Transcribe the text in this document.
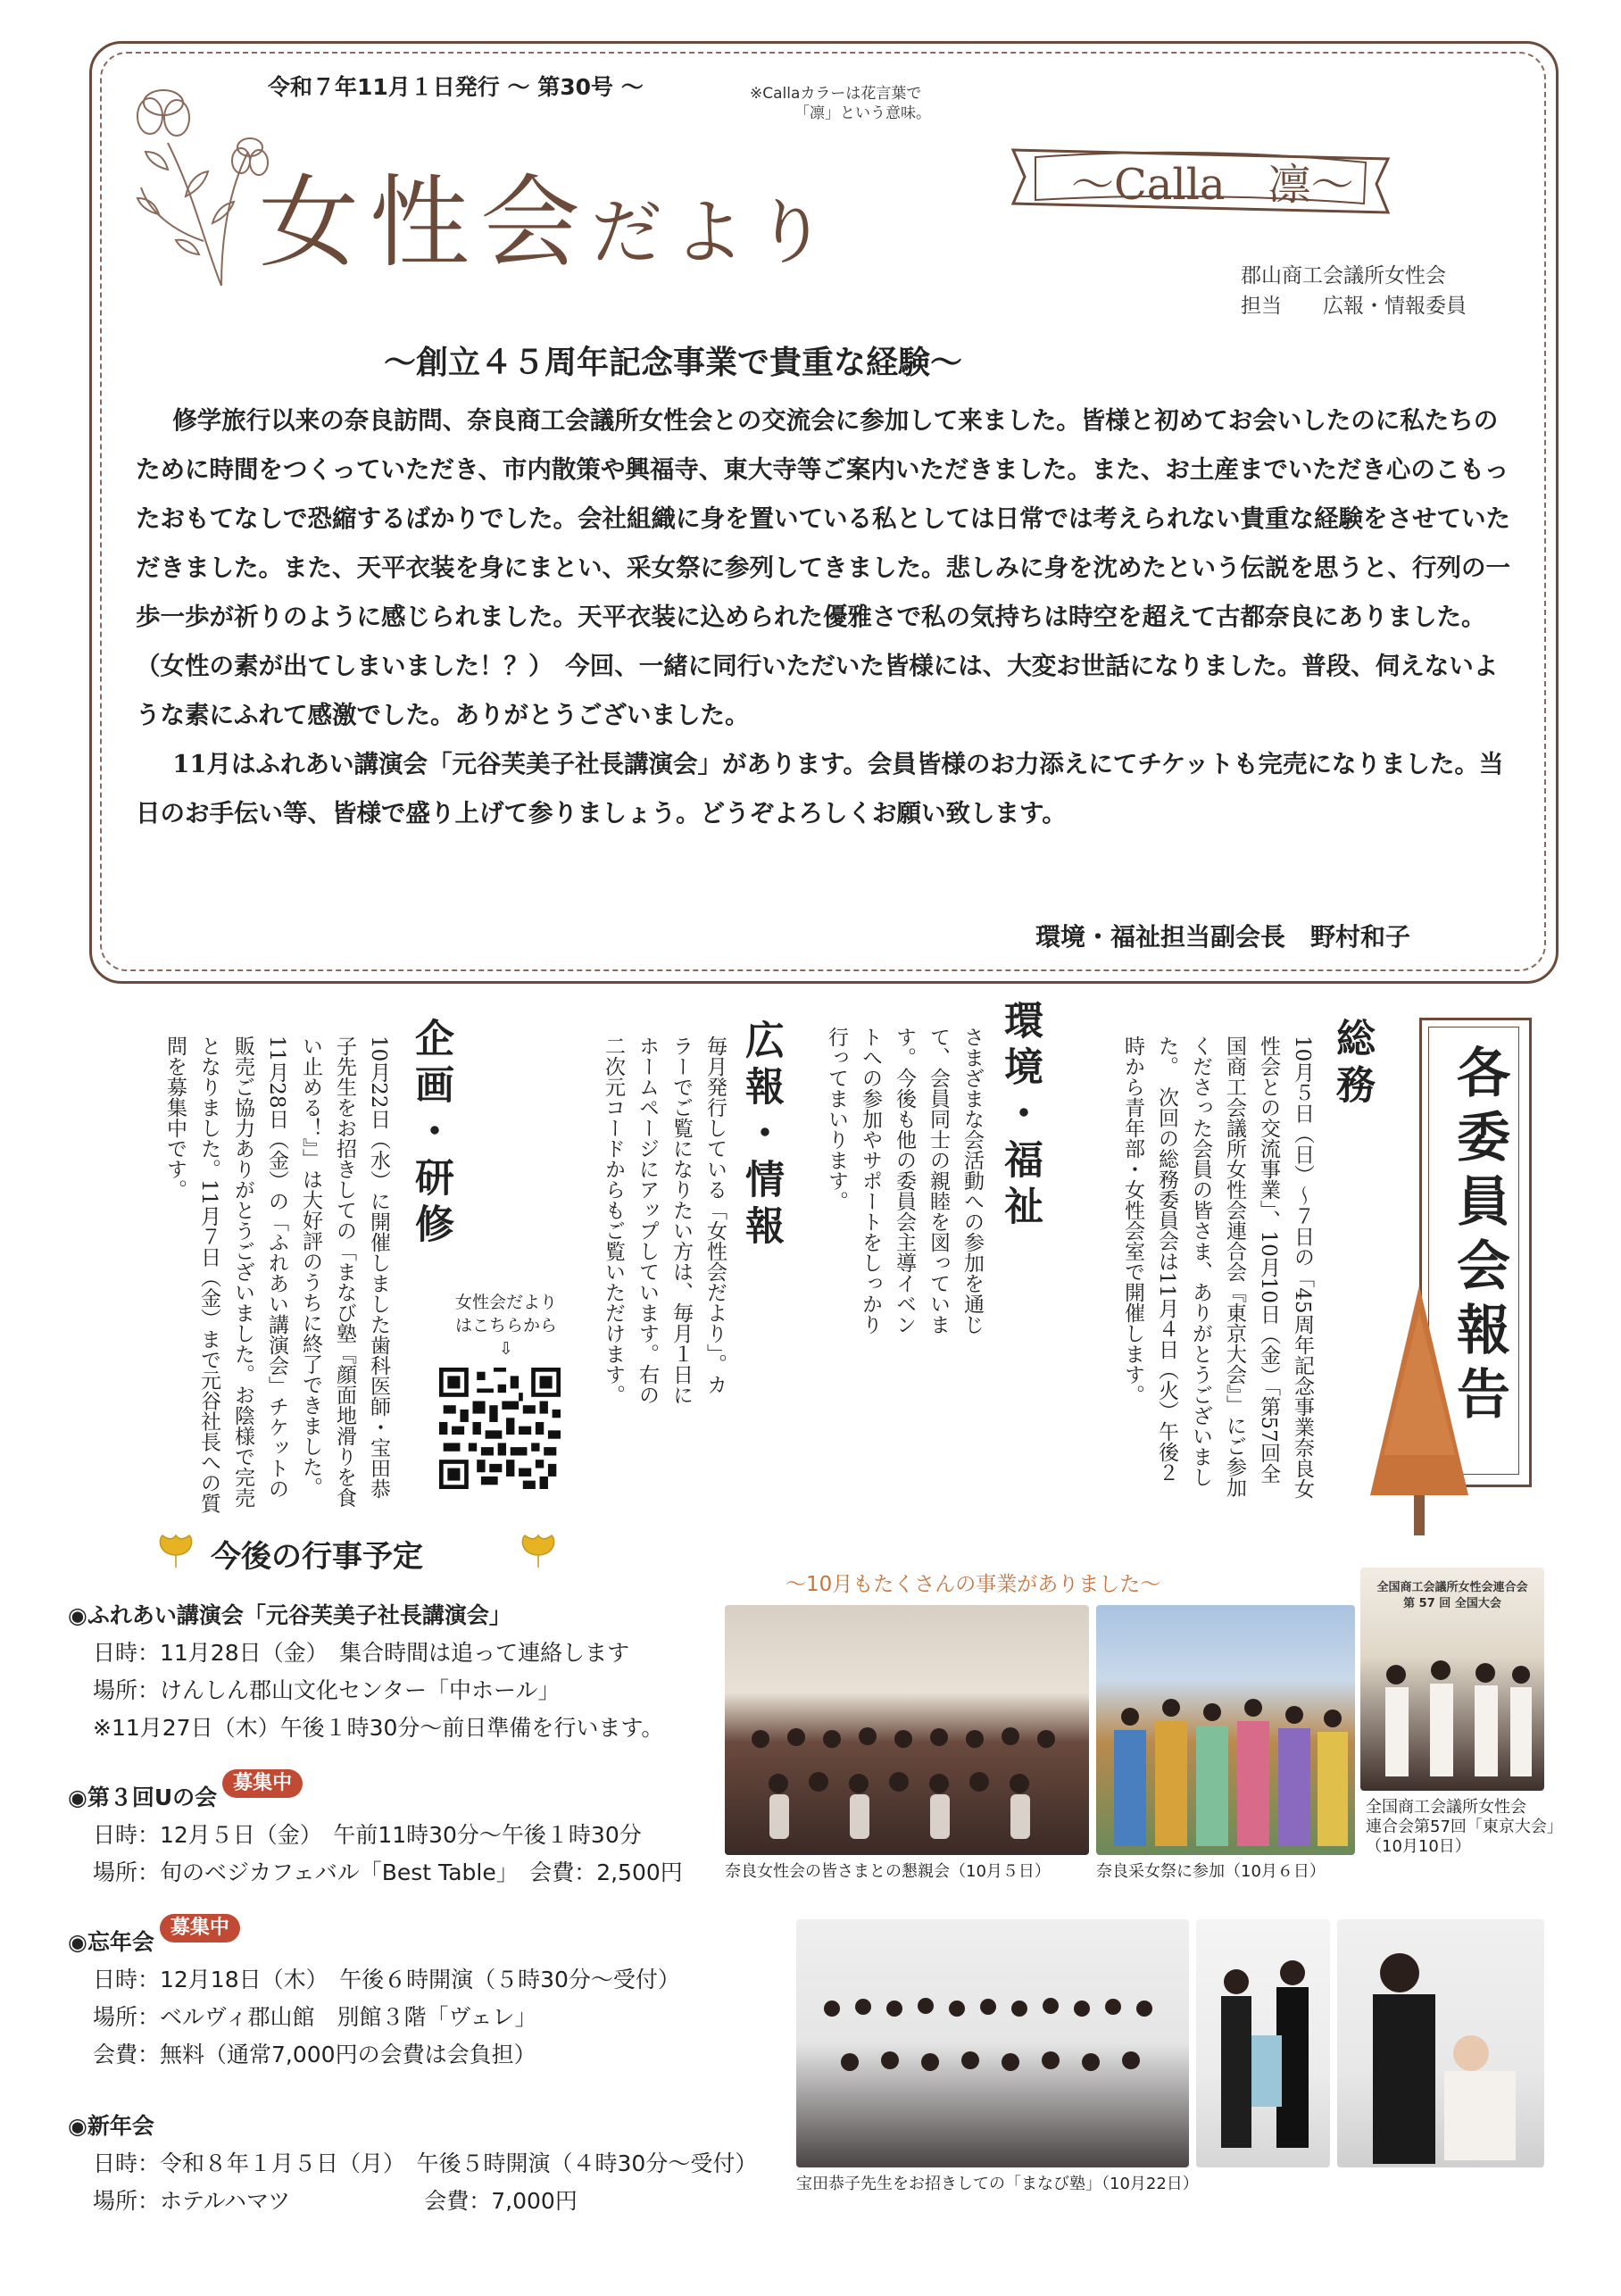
令和７年11月１日発行 〜 第30号 〜	※Callaカラーは花言葉で
「凛」という意味。
女性会だより
〜Calla　凛〜
郡山商工会議所女性会
担当　　広報・情報委員
〜創立４５周年記念事業で貴重な経験〜

修学旅行以来の奈良訪問、奈良商工会議所女性会との交流会に参加して来ました。皆様と初めてお会いしたのに私たちのために時間をつくっていただき、市内散策や興福寺、東大寺等ご案内いただきました。また、お土産までいただき心のこもったおもてなしで恐縮するばかりでした。会社組織に身を置いている私としては日常では考えられない貴重な経験をさせていただきました。また、天平衣装を身にまとい、采女祭に参列してきました。悲しみに身を沈めたという伝説を思うと、行列の一歩一歩が祈りのように感じられました。天平衣装に込められた優雅さで私の気持ちは時空を超えて古都奈良にありました。（女性の素が出てしまいました！？）　今回、一緒に同行いただいた皆様には、大変お世話になりました。普段、伺えないような素にふれて感激でした。ありがとうございました。

11月はふれあい講演会「元谷芙美子社長講演会」があります。会員皆様のお力添えにてチケットも完売になりました。当日のお手伝い等、皆様で盛り上げて参りましょう。どうぞよろしくお願い致します。

環境・福祉担当副会長　野村和子
各委員会報告
総務
10月５日（日）〜７日の「45周年記念事業奈良女性会との交流事業」、10月10日（金）「第57回全国商工会議所女性会連合会『東京大会』」にご参加くださった会員の皆さま、ありがとうございました。　次回の総務委員会は11月４日（火）午後２時から青年部・女性会室で開催します。
環境・福祉
さまざまな会活動への参加を通じて、会員同士の親睦を図っています。今後も他の委員会主導イベントへの参加やサポートをしっかり行ってまいります。
広報・情報
毎月発行している「女性会だより」。カラーでご覧になりたい方は、毎月１日にホームページにアップしています。右の二次元コードからもご覧いただけます。
女性会だより
はこちらから
⇩
企画・研修
10月22日（水）に開催しました歯科医師・宝田恭子先生をお招きしての「まなび塾『顔面地滑りを食い止める！』」は大好評のうちに終了できました。　11月28日（金）の「ふれあい講演会」チケットの販売ご協力ありがとうございました。お陰様で完売となりました。11月７日（金）まで元谷社長への質問を募集中です。
今後の行事予定
◉ふれあい講演会「元谷芙美子社長講演会」
日時：11月28日（金）　集合時間は追って連絡します
場所：けんしん郡山文化センター「中ホール」
※11月27日（木）午後１時30分〜前日準備を行います。
◉第３回Uの会募集中
日時：12月５日（金）　午前11時30分〜午後１時30分
場所：旬のベジカフェバル「Best Table」　会費：2,500円
◉忘年会募集中
日時：12月18日（木）　午後６時開演（５時30分〜受付）
場所：ベルヴィ郡山館　別館３階「ヴェレ」
会費：無料（通常7,000円の会費は会負担）
◉新年会
日時：令和８年１月５日（月）　午後５時開演（４時30分〜受付）
場所：ホテルハマツ　　　　　　会費：7,000円
〜10月もたくさんの事業がありました〜
奈良女性会の皆さまとの懇親会（10月５日）	奈良采女祭に参加（10月６日）
全国商工会議所女性会連合会
第 57 回 全国大会
全国商工会議所女性会
連合会第57回「東京大会」
（10月10日）
宝田恭子先生をお招きしての「まなび塾」（10月22日）
